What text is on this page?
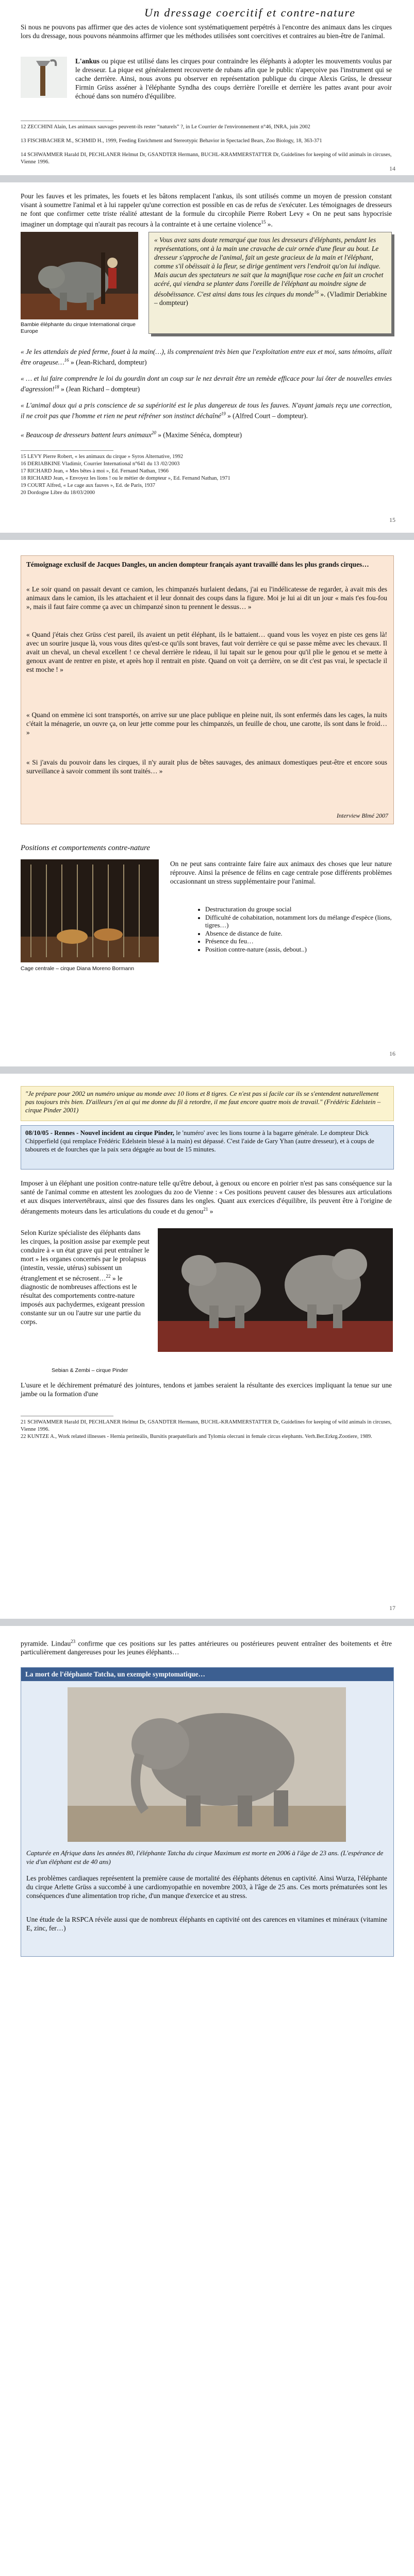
Un dressage coercitif et contre-nature
Si nous ne pouvons pas affirmer que des actes de violence sont systématiquement perpétrés à l'encontre des animaux dans les cirques lors du dressage, nous pouvons néanmoins affirmer que les méthodes utilisées sont coercitives et contraires au bien-être de l'animal.
L'ankus ou pique est utilisé dans les cirques pour contraindre les éléphants à adopter les mouvements voulus par le dresseur. La pique est généralement recouverte de rubans afin que le public n'aperçoive pas l'instrument qui se cache derrière. Ainsi, nous avons pu observer en représentation publique du cirque Alexis Grüss, le dresseur Firmin Grüss asséner à l'éléphante Syndha des coups derrière l'oreille et derrière les pattes avant pour avoir échoué dans son numéro d'équilibre.
12 ZECCHINI Alain, Les animaux sauvages peuvent-ils rester “naturels” ?, in Le Courrier de l'environnement n°46, INRA, juin 2002
13 FISCHBACHER M., SCHMID H., 1999, Feeding Enrichment and Stereotypic Behavior in Spectacled Bears, Zoo Biology, 18, 363-371
14 SCHWAMMER Harald DI, PECHLANER Helmut Dr, GSANDTER Hermann, BUCHL-KRAMMERSTATTER Dr, Guidelines for keeping of wild animals in circuses, Vienne 1996.
14
Pour les fauves et les primates, les fouets et les bâtons remplacent l'ankus, ils sont utilisés comme un moyen de pression constant visant à soumettre l'animal et à lui rappeler qu'une correction est possible en cas de refus de s'exécuter. Les témoignages de dresseurs ne font que confirmer cette triste réalité attestant de la formule du circophile Pierre Robert Levy « On ne peut sans hypocrisie imaginer un domptage qui n'aurait pas recours à la contrainte et à une certaine violence$^{15}$ ».
Bambie éléphante du cirque International cirque Europe
« Vous avez sans doute remarqué que tous les dresseurs d'éléphants, pendant les représentations, ont à la main une cravache de cuir ornée d'une fleur au bout. Le dresseur s'approche de l'animal, fait un geste gracieux de la main et l'éléphant, comme s'il obéissait à la fleur, se dirige gentiment vers l'endroit qu'on lui indique. Mais aucun des spectateurs ne sait que la magnifique rose cache en fait un crochet acéré, qui viendra se planter dans l'oreille de l'éléphant au moindre signe de désobéissance. C'est ainsi dans tous les cirques du monde$^{16}$ ». (Vladimir Deriabkine – dompteur)
« Je les attendais de pied ferme, fouet à la main(…), ils comprenaient très bien que l'exploitation entre eux et moi, sans témoins, allait être orageuse…$^{16}$ » (Jean-Richard, dompteur)
« … et lui faire comprendre le loi du gourdin dont un coup sur le nez devrait être un remède efficace pour lui ôter de nouvelles envies d'agression!$^{18}$ » (Jean Richard – dompteur)
« L'animal doux qui a pris conscience de sa supériorité est le plus dangereux de tous les fauves. N'ayant jamais reçu une correction, il ne croit pas que l'homme et rien ne peut réfréner son instinct déchaîné$^{19}$ » (Alfred Court – dompteur).
« Beaucoup de dresseurs battent leurs animaux$^{20}$ » (Maxime Sénéca, dompteur)
15 LEVY Pierre Robert, « les animaux du cirque » Syros Alternative, 1992
16 DERIABKINE Vladimir, Courrier International n°641 du 13 /02/2003
17 RICHARD Jean, « Mes bêtes à moi », Ed. Fernand Nathan, 1966
18 RICHARD Jean, « Envoyez les lions ! ou le métier de dompteur », Ed. Fernand Nathan, 1971
19 COURT Alfred, « Le cage aux fauves », Ed. de Paris, 1937
20 Dordogne Libre du 18/03/2000
15
Témoignage exclusif de Jacques Dangles, un ancien dompteur français ayant travaillé dans les plus grands cirques…
« Le soir quand on passait devant ce camion, les chimpanzés hurlaient dedans, j'ai eu l'indélicatesse de regarder, à avait mis des animaux dans le camion, ils les attachaient et il leur donnait des coups dans la figure. Moi je lui ai dit un jour « mais t'es fou-fou », mais il faut faire comme ça avec un chimpanzé sinon tu prennent le dessus… »
« Quand j'étais chez Grüss c'est pareil, ils avaient un petit éléphant, ils le battaient… quand vous les voyez en piste ces gens là! avec un sourire jusque là, vous vous dites qu'est-ce qu'ils sont braves, faut voir derrière ce qui se passe même avec les chevaux. Il avait un cheval, un cheval excellent ! ce cheval derrière le rideau, il lui tapait sur le genou pour qu'il plie le genou et se mette à genoux avant de rentrer en piste, et après hop il rentrait en piste. Quand on voit ça derrière, on se dit c'est pas vrai, le spectacle il est moche ! »
« Quand on emmène ici sont transportés, on arrive sur une place publique en pleine nuit, ils sont enfermés dans les cages, la nuits c'était la ménagerie, un ouvre ça, on leur jette comme pour les chimpanzés, un feuille de chou, une carotte, ils sont dans le froid… »
« Si j'avais du pouvoir dans les cirques, il n'y aurait plus de bêtes sauvages, des animaux domestiques peut-être et encore sous surveillance à savoir comment ils sont traités… »
Interview Blmé 2007
Positions et comportements contre-nature
Cage centrale – cirque Diana Moreno Bormann
On ne peut sans contrainte faire faire aux animaux des choses que leur nature réprouve. Ainsi la présence de félins en cage centrale pose différents problèmes occasionnant un stress supplémentaire pour l'animal.
• Destructuration du groupe social
• Difficulté de cohabitation, notamment lors du mélange d'espèce (lions, tigres…)
• Absence de distance de fuite.
• Présence du feu…
• Position contre-nature (assis, debout..)
16
"Je prépare pour 2002 un numéro unique au monde avec 10 lions et 8 tigres. Ce n'est pas si facile car ils se s'entendent naturellement pas toujours très bien. D'ailleurs j'en ai qui me donne du fil à retordre, il me faut encore quatre mois de travail." (Frédéric Edelstein – cirque Pinder 2001)
08/10/05 - Rennes - Nouvel incident au cirque Pinder, le 'numéro' avec les lions tourne à la bagarre générale. Le dompteur Dick Chipperfield (qui remplace Frédéric Edelstein blessé à la main) est dépassé. C'est l'aide de Gary Yhan (autre dresseur), et à coups de tabourets et de fourches que la paix sera dégagée au bout de 15 minutes.
Imposer à un éléphant une position contre-nature telle qu'être debout, à genoux ou encore en poirier n'est pas sans conséquence sur la santé de l'animal comme en attestent les zoologues du zoo de Vienne : « Ces positions peuvent causer des blessures aux articulations et aux disques intervertébraux, ainsi que des fissures dans les ongles. Quant aux exercices d'équilibre, ils peuvent être à l'origine de dérangements moteurs dans les articulations du coude et du genou$^{21}$ »
Selon Kurize spécialiste des éléphants dans les cirques, la position assise par exemple peut conduire à « un état grave qui peut entraîner le mort » les organes concernés par le prolapsus (intestin, vessie, utérus) subissent un étranglement et se nécrosent…$^{22}$ » le diagnostic de nombreuses affections est le résultat des comportements contre-nature imposés aux pachydermes, exigeant pression constante sur un ou l'autre sur une partie du corps.
Sebian & Zembi – cirque Pinder
L'usure et le déchirement prématuré des jointures, tendons et jambes seraient la résultante des exercices impliquant la tenue sur une jambe ou la formation d'une
21 SCHWAMMER Harald DI, PECHLANER Helmut Dr, GSANDTER Hermann, BUCHL-KRAMMERSTATTER Dr, Guidelines for keeping of wild animals in circuses, Vienne 1996.
22 KUNTZE A., Work related illnesses - Hernia perineális, Bursitis praepatellaris and Tylomia olecrani in female circus elephants. Verh.Ber.Erkrg.Zootiere, 1989.
17
pyramide. Lindau$^{23}$ confirme que ces positions sur les pattes antérieures ou postérieures peuvent entraîner des boitements et être particulièrement dangereuses pour les jeunes éléphants…
La mort de l'éléphante Tatcha, un exemple symptomatique…
Capturée en Afrique dans les années 80, l'éléphante Tatcha du cirque Maximum est morte en 2006 à l'âge de 23 ans. (L'espérance de vie d'un éléphant est de 40 ans)
Les problèmes cardiaques représentent la première cause de mortalité des éléphants détenus en captivité. Ainsi Wurza, l'éléphante du cirque Arlette Grüss a succombé à une cardiomyopathie en novembre 2003, à l'âge de 25 ans. Ces morts prématurées sont les conséquences d'une alimentation trop riche, d'un manque d'exercice et au stress.
Une étude de la RSPCA révèle aussi que de nombreux éléphants en captivité ont des carences en vitamines et minéraux (vitamine E, zinc, fer…)
